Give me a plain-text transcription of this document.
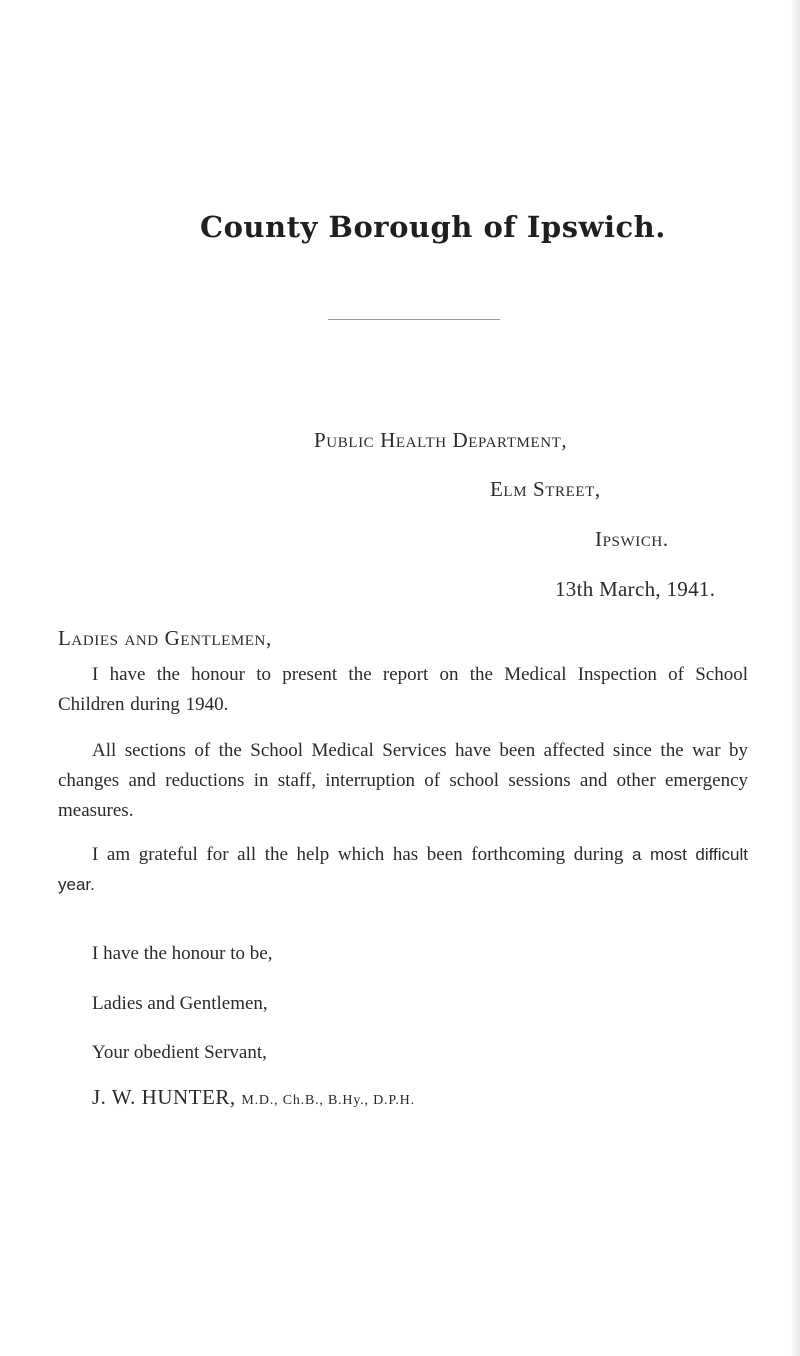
County Borough of Ipswich.
Public Health Department,
Elm Street,
Ipswich.
13th March, 1941.
Ladies and Gentlemen,
I have the honour to present the report on the Medical Inspection of School Children during 1940.
All sections of the School Medical Services have been affected since the war by changes and reductions in staff, interruption of school sessions and other emergency measures.
I am grateful for all the help which has been forthcoming during a most difficult year.
I have the honour to be,
Ladies and Gentlemen,
Your obedient Servant,
J. W. HUNTER, M.D., Ch.B., B.Hy., D.P.H.
